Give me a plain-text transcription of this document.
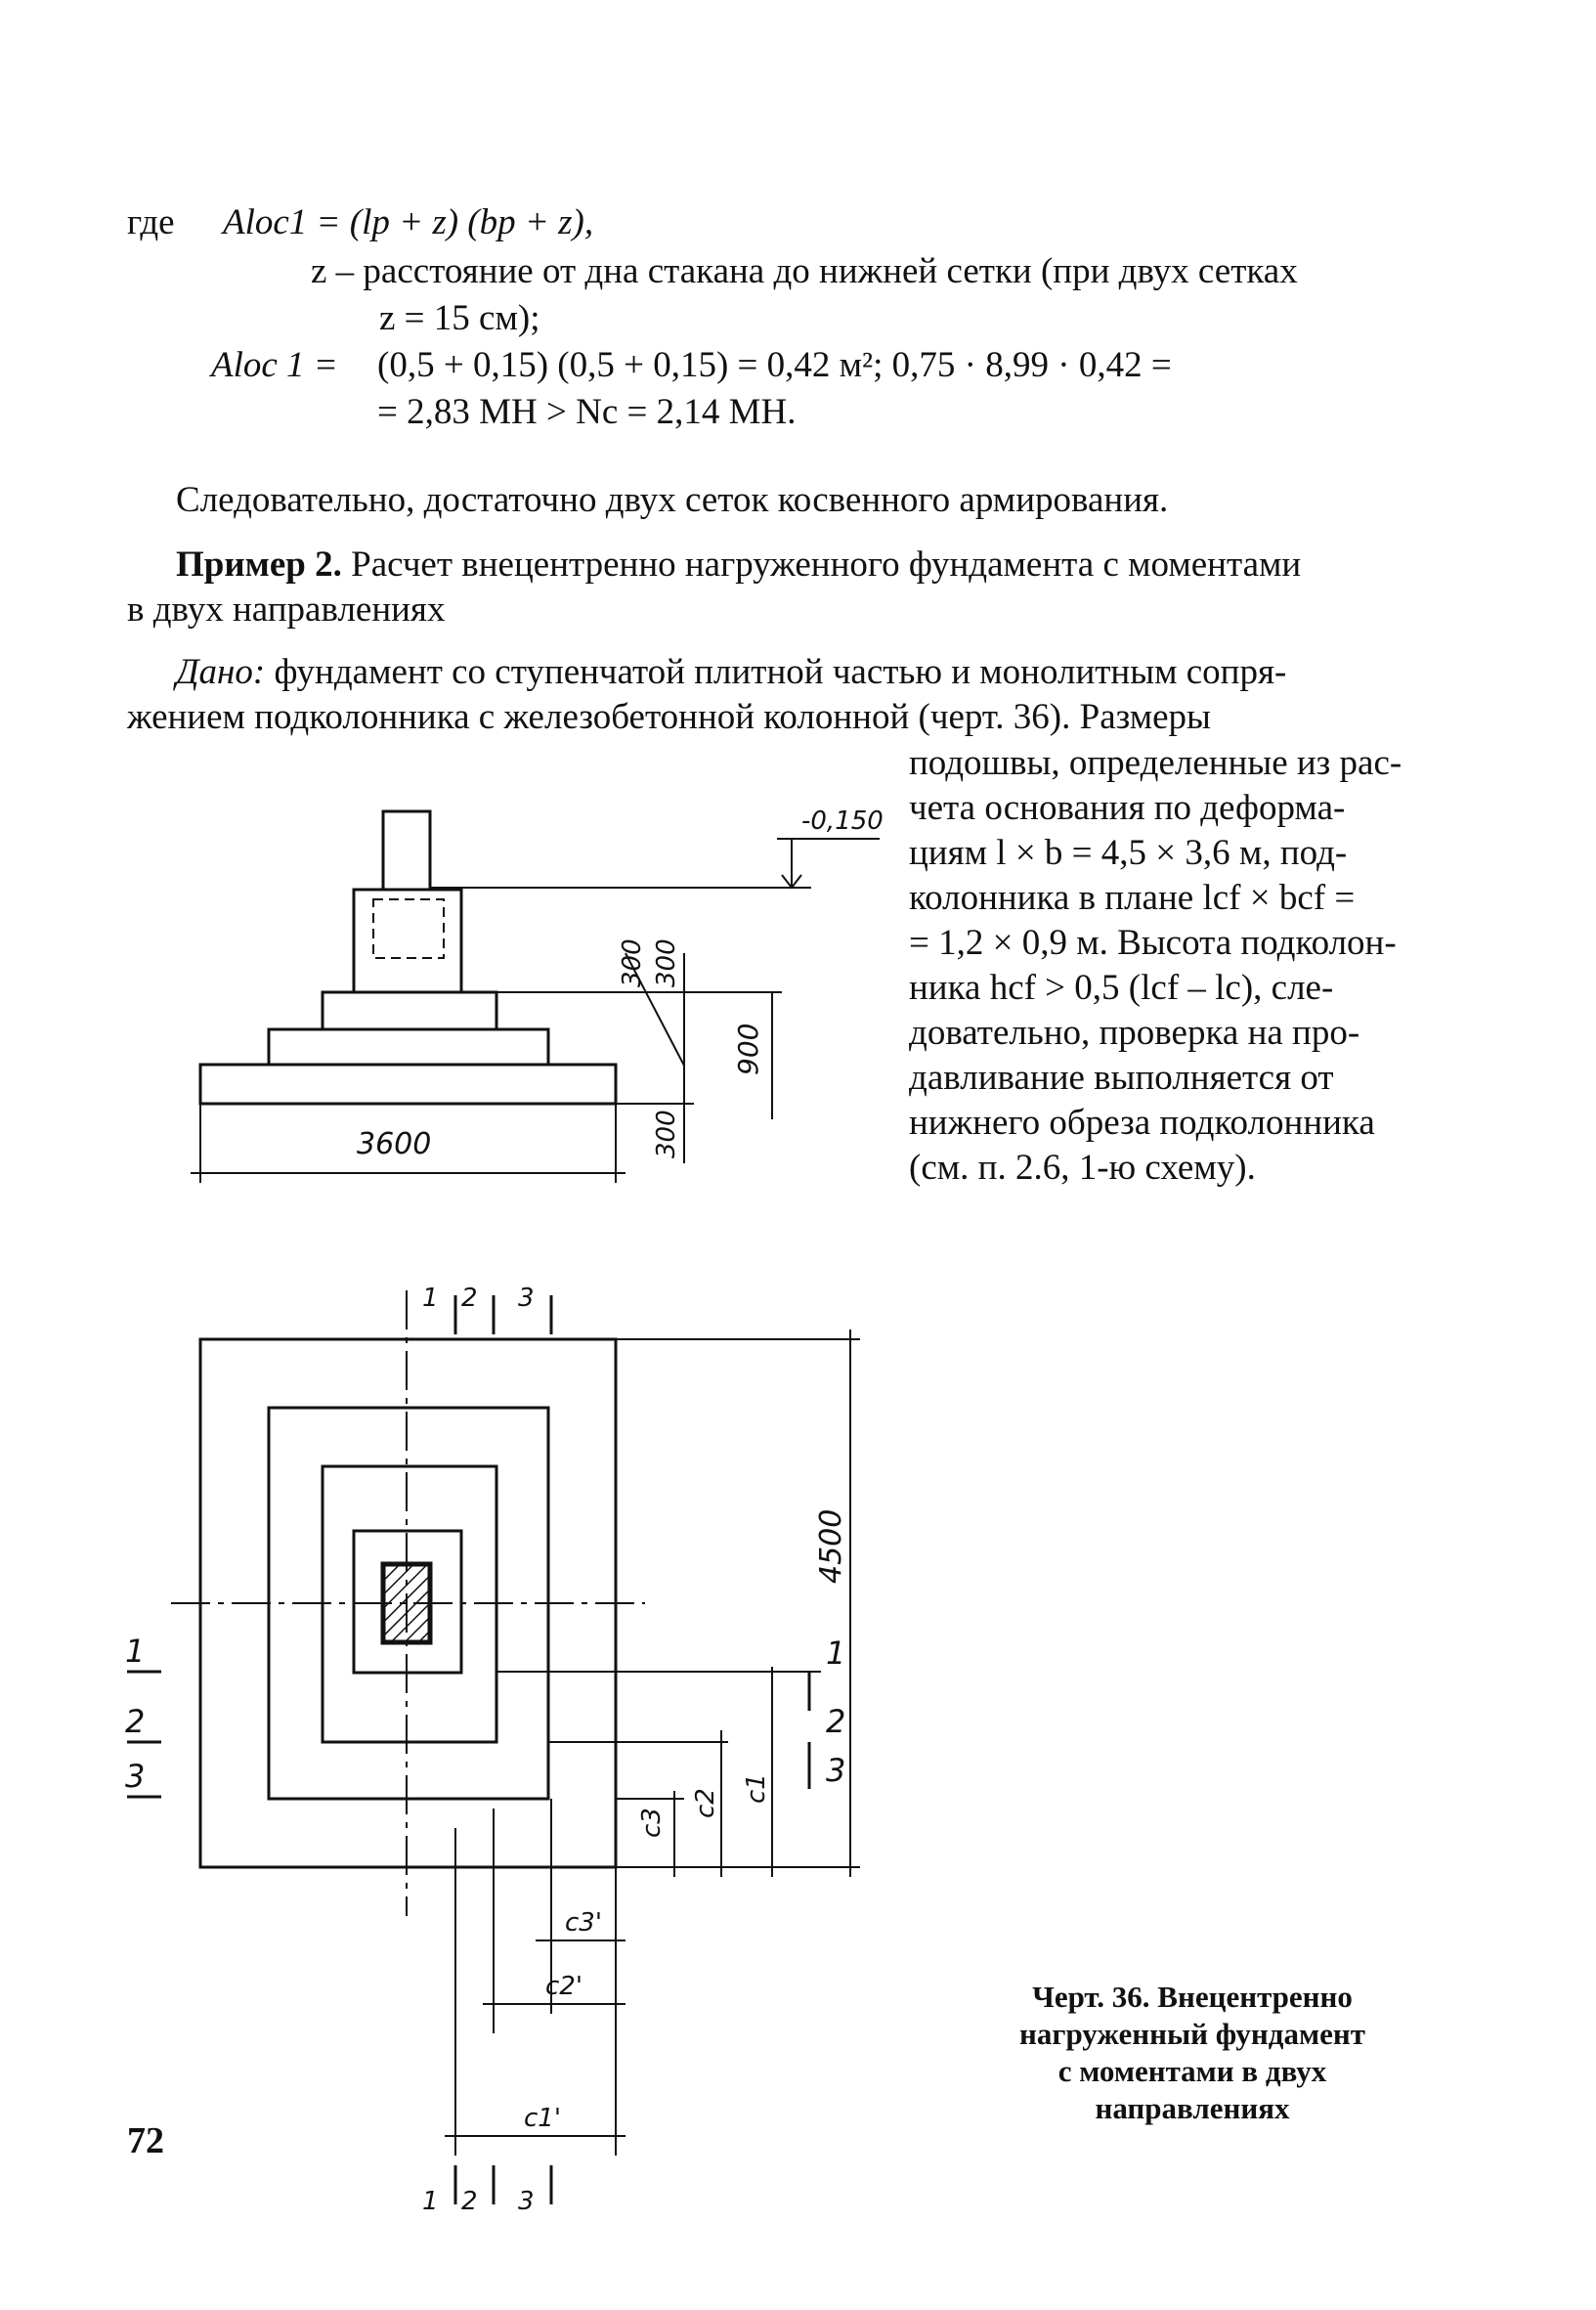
где Aloc1 = (lp + z) (bp + z),
z – расстояние от дна стакана до нижней сетки (при двух сетках
z = 15 см);
Aloc 1 = (0,5 + 0,15) (0,5 + 0,15) = 0,42 м²; 0,75 · 8,99 · 0,42 =
= 2,83 МН > Nc = 2,14 МН.
Следовательно, достаточно двух сеток косвенного армирования.
Пример 2. Расчет внецентренно нагруженного фундамента с моментами
в двух направлениях
Дано: фундамент со ступенчатой плитной частью и монолитным сопря-
жением подколонника с железобетонной колонной (черт. 36). Размеры
подошвы, определенные из рас-
чета основания по деформа-
циям l × b = 4,5 × 3,6 м, под-
колонника в плане lcf × bcf =
= 1,2 × 0,9 м. Высота подколон-
ника hcf > 0,5 (lcf – lc), сле-
довательно, проверка на про-
давливание выполняется от
нижнего обреза подколонника
(см. п. 2.6, 1-ю схему).
-0,150
3600
300 300
900
300
4500
1
2
3
1
2
3
1 2 3
1 2 3
c1
c2
c3
c3'
c2'
c1'
Черт. 36. Внецентренно
нагруженный фундамент
с моментами в двух
направлениях
72
